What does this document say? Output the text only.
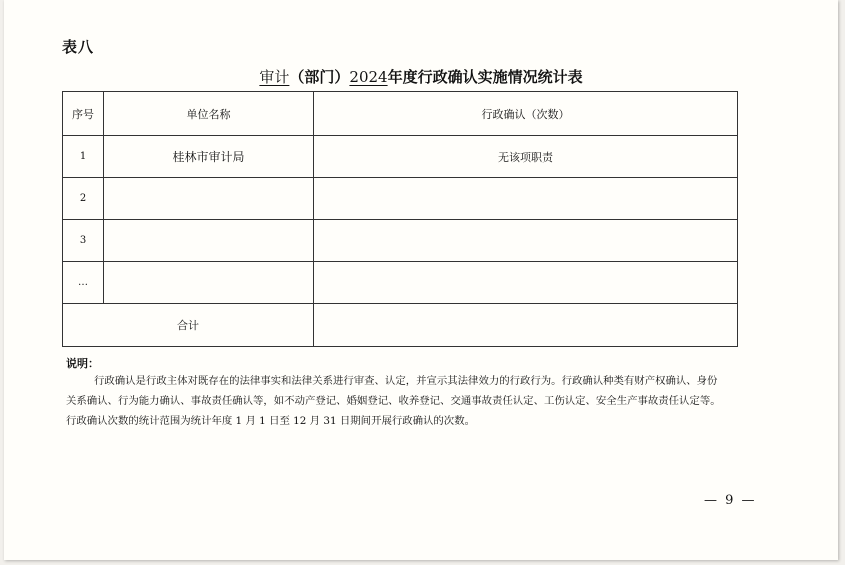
表八
审计（部门）2024年度行政确认实施情况统计表
序号	单位名称	行政确认（次数）
1	桂林市审计局	无该项职责
2		
3		
…		
合计		
说明：
行政确认是行政主体对既存在的法律事实和法律关系进行审查、认定，并宣示其法律效力的行政行为。行政确认种类有财产权确认、身份
关系确认、行为能力确认、事故责任确认等，如不动产登记、婚姻登记、收养登记、交通事故责任认定、工伤认定、安全生产事故责任认定等。
行政确认次数的统计范围为统计年度 1 月 1 日至 12 月 31 日期间开展行政确认的次数。
— 9 —
